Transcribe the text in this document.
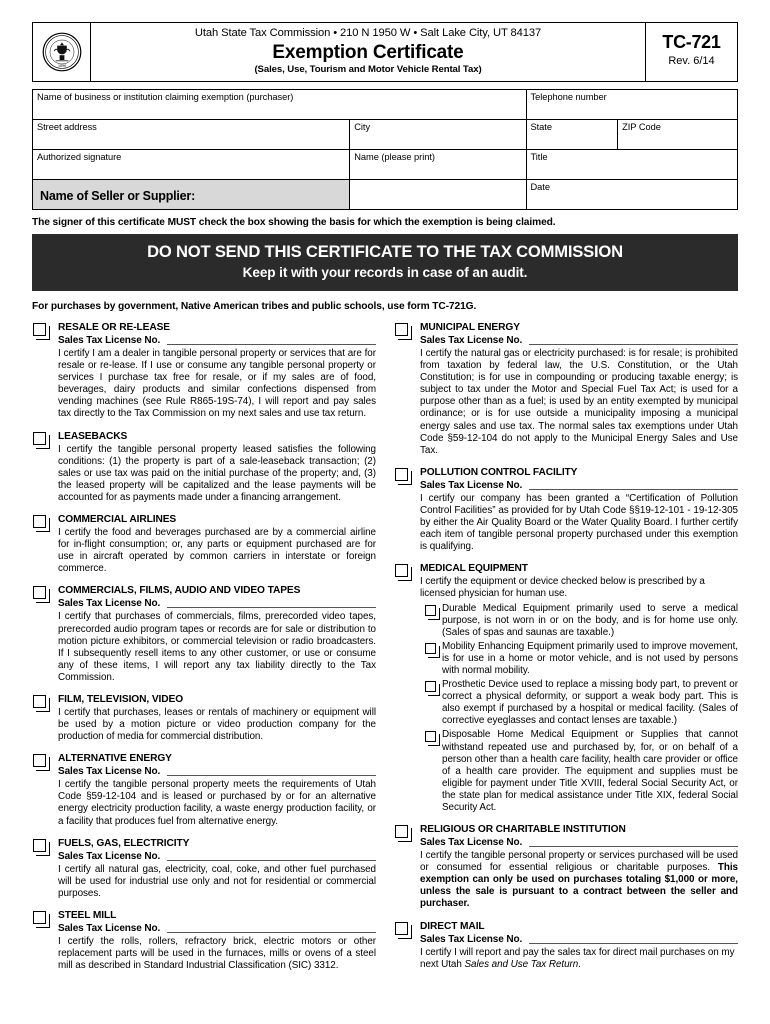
1896
Utah State Tax Commission • 210 N 1950 W • Salt Lake City, UT 84137
Exemption Certificate
(Sales, Use, Tourism and Motor Vehicle Rental Tax)
TC-721
Rev. 6/14
Name of business or institution claiming exemption (purchaser)		Telephone number	

Street address	City	State	ZIP Code

Authorized signature	Name (please print)	Title	

Name of Seller or Supplier:		Date	
The signer of this certificate MUST check the box showing the basis for which the exemption is being claimed.
DO NOT SEND THIS CERTIFICATE TO THE TAX COMMISSION
Keep it with your records in case of an audit.
For purchases by government, Native American tribes and public schools, use form TC-721G.
RESALE OR RE-LEASE
Sales Tax License No.
I certify I am a dealer in tangible personal property or services that are for resale or re-lease. If I use or consume any tangible personal property or services I purchase tax free for resale, or if my sales are of food, beverages, dairy products and similar confections dispensed from vending machines (see Rule R865-19S-74), I will report and pay sales tax directly to the Tax Commission on my next sales and use tax return.
LEASEBACKS
I certify the tangible personal property leased satisfies the following conditions: (1) the property is part of a sale-leaseback transaction; (2) sales or use tax was paid on the initial purchase of the property; and, (3) the leased property will be capitalized and the lease payments will be accounted for as payments made under a financing arrangement.
COMMERCIAL AIRLINES
I certify the food and beverages purchased are by a commercial airline for in-flight consumption; or, any parts or equipment purchased are for use in aircraft operated by common carriers in interstate or foreign commerce.
COMMERCIALS, FILMS, AUDIO AND VIDEO TAPES
Sales Tax License No.
I certify that purchases of commercials, films, prerecorded video tapes, prerecorded audio program tapes or records are for sale or distribution to motion picture exhibitors, or commercial television or radio broadcasters. If I subsequently resell items to any other customer, or use or consume any of these items, I will report any tax liability directly to the Tax Commission.
FILM, TELEVISION, VIDEO
I certify that purchases, leases or rentals of machinery or equipment will be used by a motion picture or video production company for the production of media for commercial distribution.
ALTERNATIVE ENERGY
Sales Tax License No.
I certify the tangible personal property meets the requirements of Utah Code §59-12-104 and is leased or purchased by or for an alternative energy electricity production facility, a waste energy production facility, or a facility that produces fuel from alternative energy.
FUELS, GAS, ELECTRICITY
Sales Tax License No.
I certify all natural gas, electricity, coal, coke, and other fuel purchased will be used for industrial use only and not for residential or commercial purposes.
STEEL MILL
Sales Tax License No.
I certify the rolls, rollers, refractory brick, electric motors or other replacement parts will be used in the furnaces, mills or ovens of a steel mill as described in Standard Industrial Classification (SIC) 3312.
MUNICIPAL ENERGY
Sales Tax License No.
I certify the natural gas or electricity purchased: is for resale; is prohibited from taxation by federal law, the U.S. Constitution, or the Utah Constitution; is for use in compounding or producing taxable energy; is subject to tax under the Motor and Special Fuel Tax Act; is used for a purpose other than as a fuel; is used by an entity exempted by municipal ordinance; or is for use outside a municipality imposing a municipal energy sales and use tax. The normal sales tax exemptions under Utah Code §59-12-104 do not apply to the Municipal Energy Sales and Use Tax.
POLLUTION CONTROL FACILITY
Sales Tax License No.
I certify our company has been granted a “Certification of Pollution Control Facilities” as provided for by Utah Code §§19-12-101 - 19-12-305 by either the Air Quality Board or the Water Quality Board. I further certify each item of tangible personal property purchased under this exemption is qualifying.
MEDICAL EQUIPMENT
I certify the equipment or device checked below is prescribed by a licensed physician for human use.
Durable Medical Equipment primarily used to serve a medical purpose, is not worn in or on the body, and is for home use only. (Sales of spas and saunas are taxable.)
Mobility Enhancing Equipment primarily used to improve movement, is for use in a home or motor vehicle, and is not used by persons with normal mobility.
Prosthetic Device used to replace a missing body part, to prevent or correct a physical deformity, or support a weak body part. This is also exempt if purchased by a hospital or medical facility. (Sales of corrective eyeglasses and contact lenses are taxable.)
Disposable Home Medical Equipment or Supplies that cannot withstand repeated use and purchased by, for, or on behalf of a person other than a health care facility, health care provider or office of a health care provider. The equipment and supplies must be eligible for payment under Title XVIII, federal Social Security Act, or the state plan for medical assistance under Title XIX, federal Social Security Act.
RELIGIOUS OR CHARITABLE INSTITUTION
Sales Tax License No.
I certify the tangible personal property or services purchased will be used or consumed for essential religious or charitable purposes. This exemption can only be used on purchases totaling $1,000 or more, unless the sale is pursuant to a contract between the seller and purchaser.
DIRECT MAIL
Sales Tax License No.
I certify I will report and pay the sales tax for direct mail purchases on my next Utah Sales and Use Tax Return.
